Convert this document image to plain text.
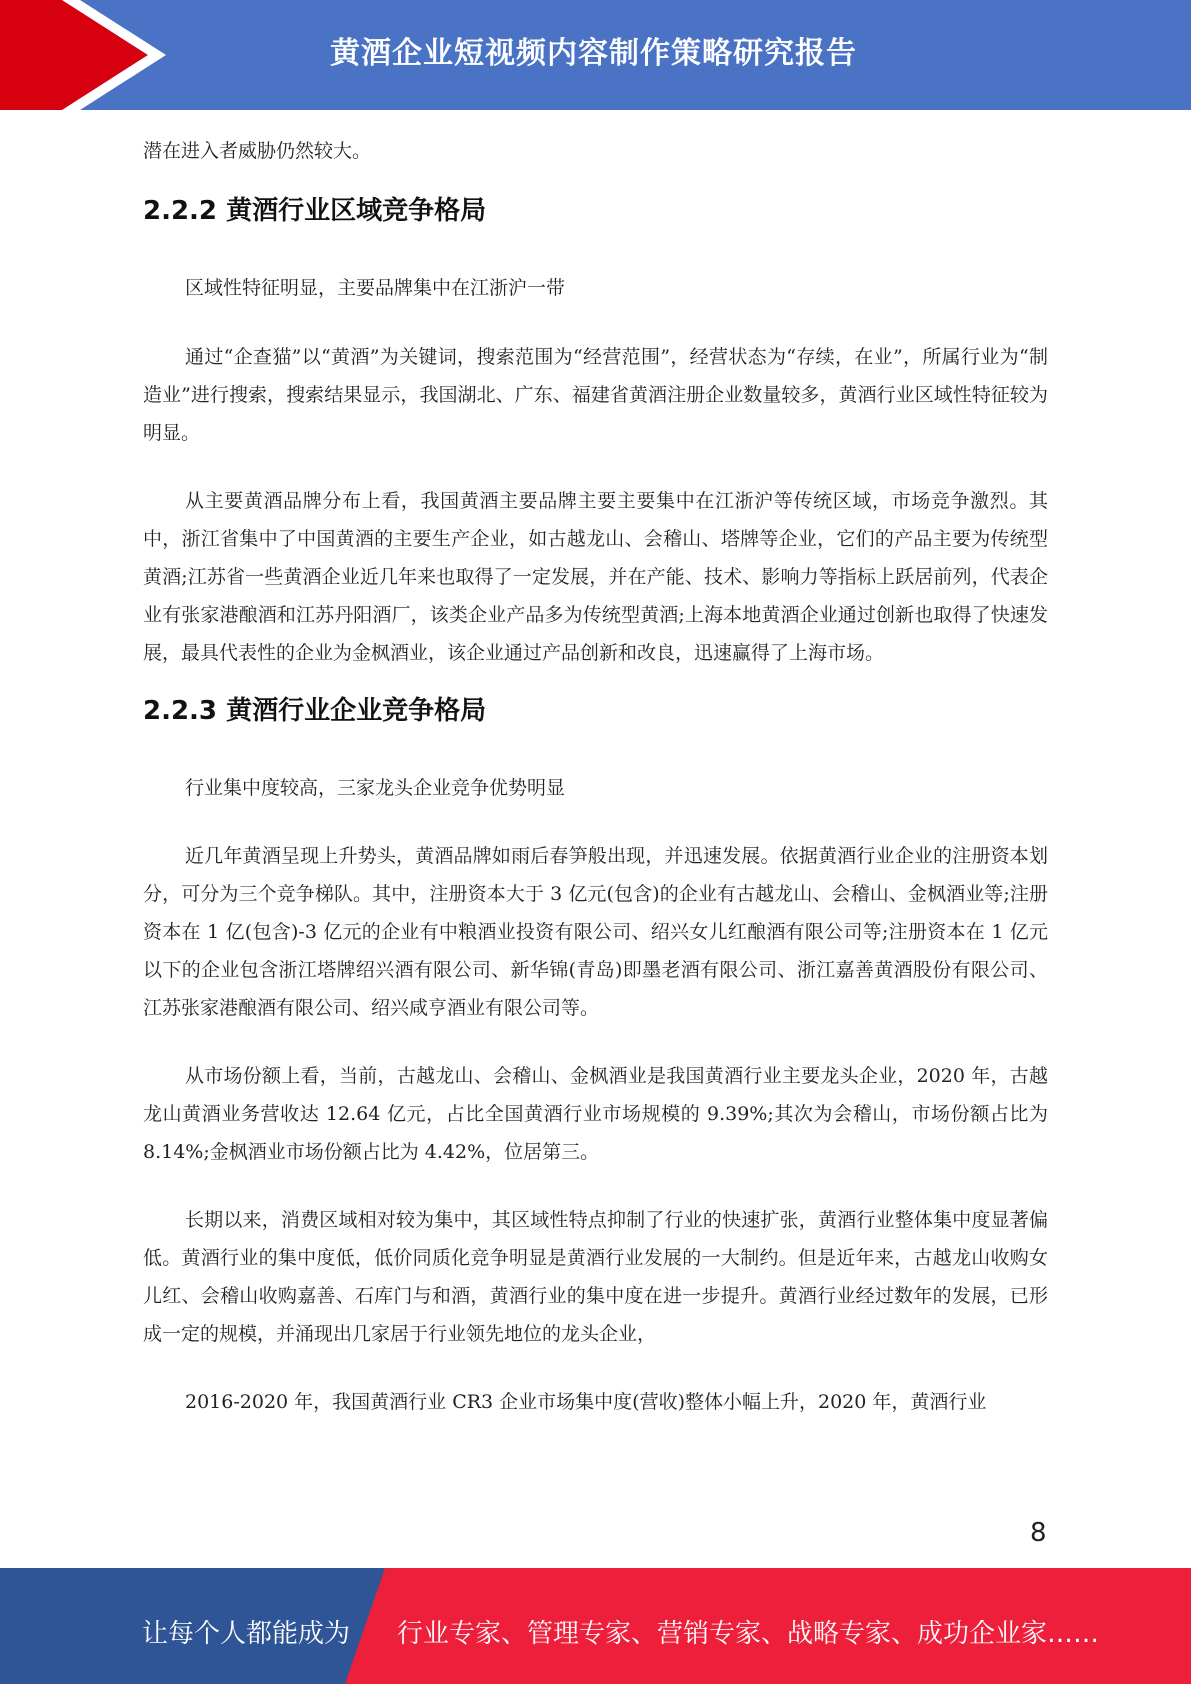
黄酒企业短视频内容制作策略研究报告

潜在进入者威胁仍然较大。

2.2.2 黄酒行业区域竞争格局

区域性特征明显，主要品牌集中在江浙沪一带

通过“企查猫”以“黄酒”为关键词，搜索范围为“经营范围”，经营状态为“存续，在业”，所属行业为“制造业”进行搜索，搜索结果显示，我国湖北、广东、福建省黄酒注册企业数量较多，黄酒行业区域性特征较为明显。

从主要黄酒品牌分布上看，我国黄酒主要品牌主要主要集中在江浙沪等传统区域，市场竞争激烈。其中，浙江省集中了中国黄酒的主要生产企业，如古越龙山、会稽山、塔牌等企业，它们的产品主要为传统型黄酒;江苏省一些黄酒企业近几年来也取得了一定发展，并在产能、技术、影响力等指标上跃居前列，代表企业有张家港酿酒和江苏丹阳酒厂，该类企业产品多为传统型黄酒;上海本地黄酒企业通过创新也取得了快速发展，最具代表性的企业为金枫酒业，该企业通过产品创新和改良，迅速赢得了上海市场。

2.2.3 黄酒行业企业竞争格局

行业集中度较高，三家龙头企业竞争优势明显

近几年黄酒呈现上升势头，黄酒品牌如雨后春笋般出现，并迅速发展。依据黄酒行业企业的注册资本划分，可分为三个竞争梯队。其中，注册资本大于 3 亿元(包含)的企业有古越龙山、会稽山、金枫酒业等;注册资本在 1 亿(包含)-3 亿元的企业有中粮酒业投资有限公司、绍兴女儿红酿酒有限公司等;注册资本在 1 亿元以下的企业包含浙江塔牌绍兴酒有限公司、新华锦(青岛)即墨老酒有限公司、浙江嘉善黄酒股份有限公司、江苏张家港酿酒有限公司、绍兴咸亨酒业有限公司等。

从市场份额上看，当前，古越龙山、会稽山、金枫酒业是我国黄酒行业主要龙头企业，2020 年，古越龙山黄酒业务营收达 12.64 亿元，占比全国黄酒行业市场规模的 9.39%;其次为会稽山，市场份额占比为 8.14%;金枫酒业市场份额占比为 4.42%，位居第三。

长期以来，消费区域相对较为集中，其区域性特点抑制了行业的快速扩张，黄酒行业整体集中度显著偏低。黄酒行业的集中度低，低价同质化竞争明显是黄酒行业发展的一大制约。但是近年来，古越龙山收购女儿红、会稽山收购嘉善、石库门与和酒，黄酒行业的集中度在进一步提升。黄酒行业经过数年的发展，已形成一定的规模，并涌现出几家居于行业领先地位的龙头企业，

2016-2020 年，我国黄酒行业 CR3 企业市场集中度(营收)整体小幅上升，2020 年，黄酒行业

8
让每个人都能成为 行业专家、管理专家、营销专家、战略专家、成功企业家……
